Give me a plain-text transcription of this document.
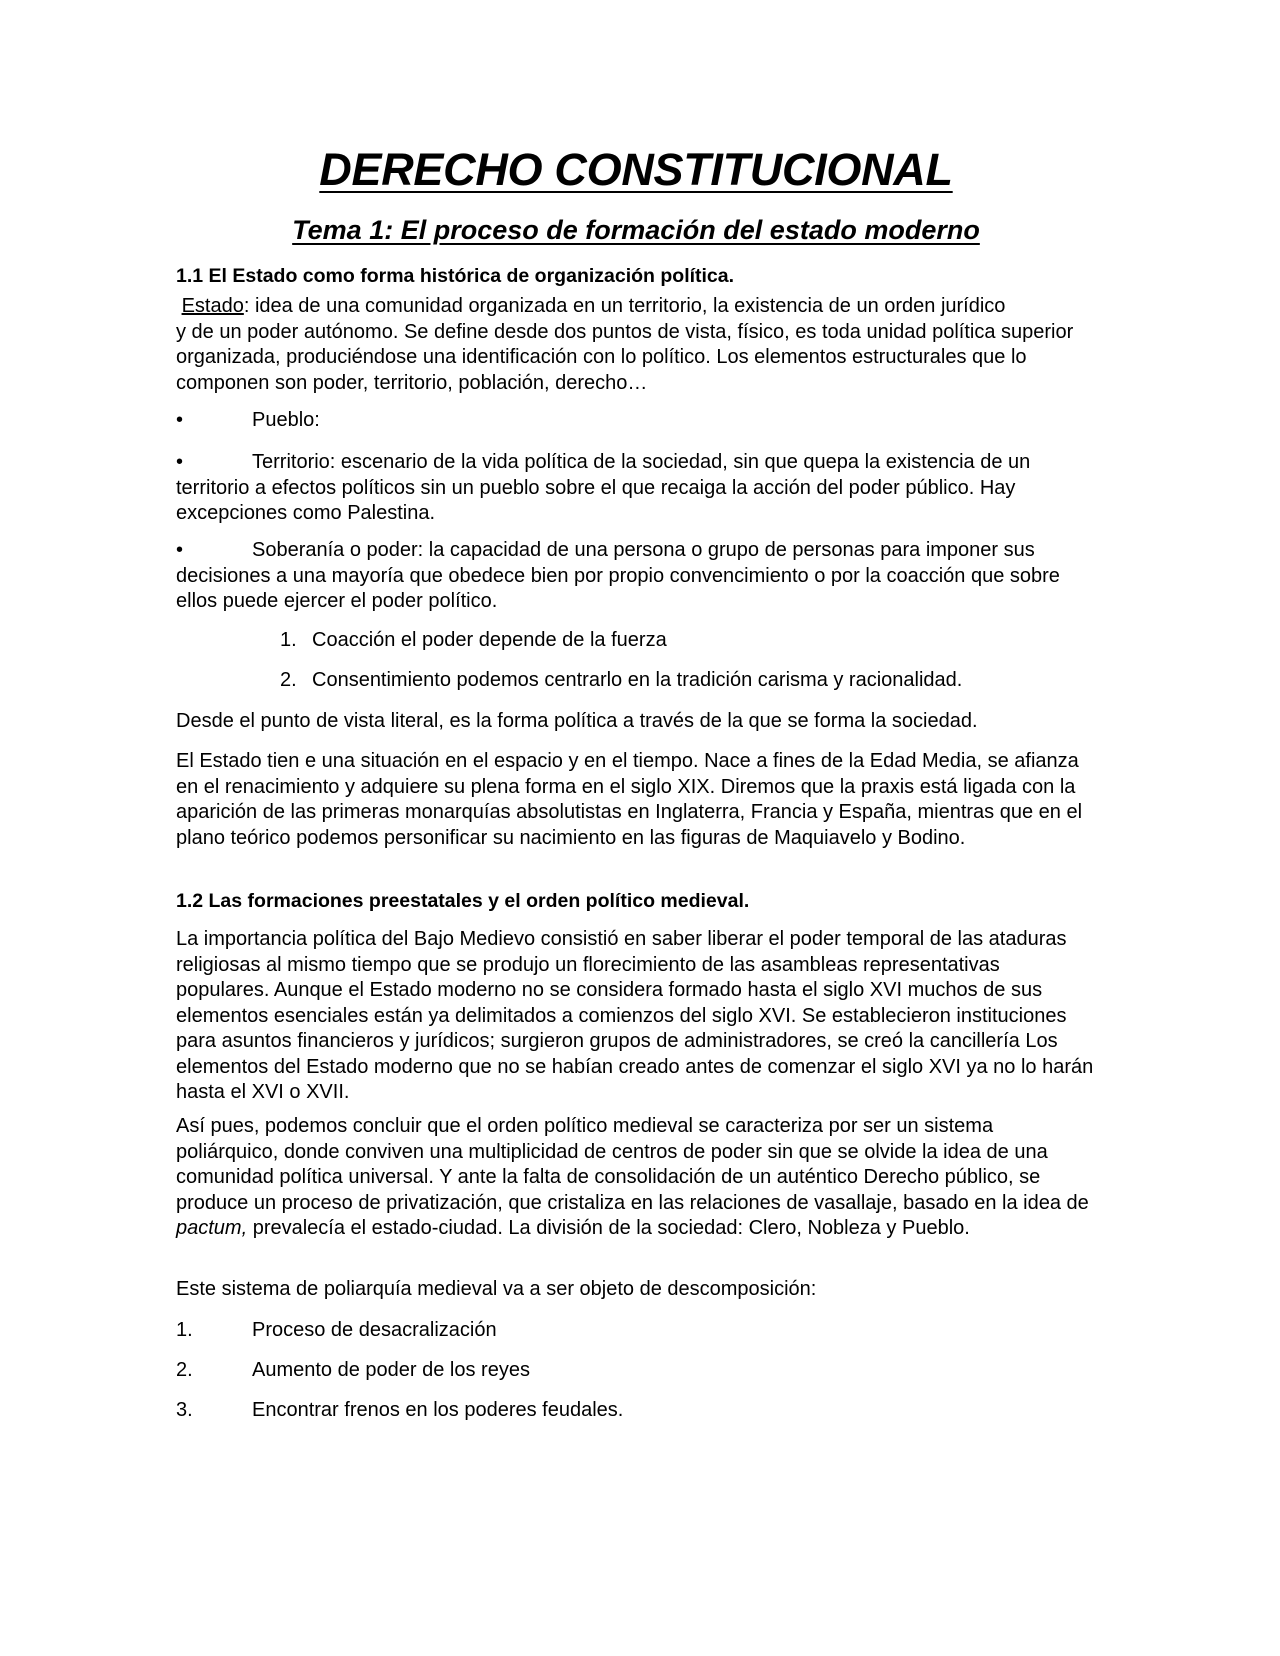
DERECHO CONSTITUCIONAL
Tema 1: El proceso de formación del estado moderno

1.1 El Estado como forma histórica de organización política.

Estado: idea de una comunidad organizada en un territorio, la existencia de un orden jurídico
y de un poder autónomo. Se define desde dos puntos de vista, físico, es toda unidad política superior organizada, produciéndose una identificación con lo político. Los elementos estructurales que lo componen son poder, territorio, población, derecho…

•	Pueblo:

•	Territorio: escenario de la vida política de la sociedad, sin que quepa la existencia de un territorio a efectos políticos sin un pueblo sobre el que recaiga la acción del poder público. Hay excepciones como Palestina.

•	Soberanía o poder: la capacidad de una persona o grupo de personas para imponer sus decisiones a una mayoría que obedece bien por propio convencimiento o por la coacción que sobre ellos puede ejercer el poder político.

1. Coacción el poder depende de la fuerza

2. Consentimiento podemos centrarlo en la tradición carisma y racionalidad.

Desde el punto de vista literal, es la forma política a través de la que se forma la sociedad.

El Estado tien e una situación en el espacio y en el tiempo. Nace a fines de la Edad Media, se afianza en el renacimiento y adquiere su plena forma en el siglo XIX. Diremos que la praxis está ligada con la aparición de las primeras monarquías absolutistas en Inglaterra, Francia y España, mientras que en el plano teórico podemos personificar su nacimiento en las figuras de Maquiavelo y Bodino.

1.2 Las formaciones preestatales y el orden político medieval.

La importancia política del Bajo Medievo consistió en saber liberar el poder temporal de las ataduras religiosas al mismo tiempo que se produjo un florecimiento de las asambleas representativas populares. Aunque el Estado moderno no se considera formado hasta el siglo XVI muchos de sus elementos esenciales están ya delimitados a comienzos del siglo XVI. Se establecieron instituciones para asuntos financieros y jurídicos; surgieron grupos de administradores, se creó la cancillería Los elementos del Estado moderno que no se habían creado antes de comenzar el siglo XVI ya no lo harán hasta el XVI o XVII.

Así pues, podemos concluir que el orden político medieval se caracteriza por ser un sistema poliárquico, donde conviven una multiplicidad de centros de poder sin que se olvide la idea de una comunidad política universal. Y ante la falta de consolidación de un auténtico Derecho público, se produce un proceso de privatización, que cristaliza en las relaciones de vasallaje, basado en la idea de pactum, prevalecía el estado-ciudad. La división de la sociedad: Clero, Nobleza y Pueblo.

Este sistema de poliarquía medieval va a ser objeto de descomposición:

1.	Proceso de desacralización

2.	Aumento de poder de los reyes

3.	Encontrar frenos en los poderes feudales.
